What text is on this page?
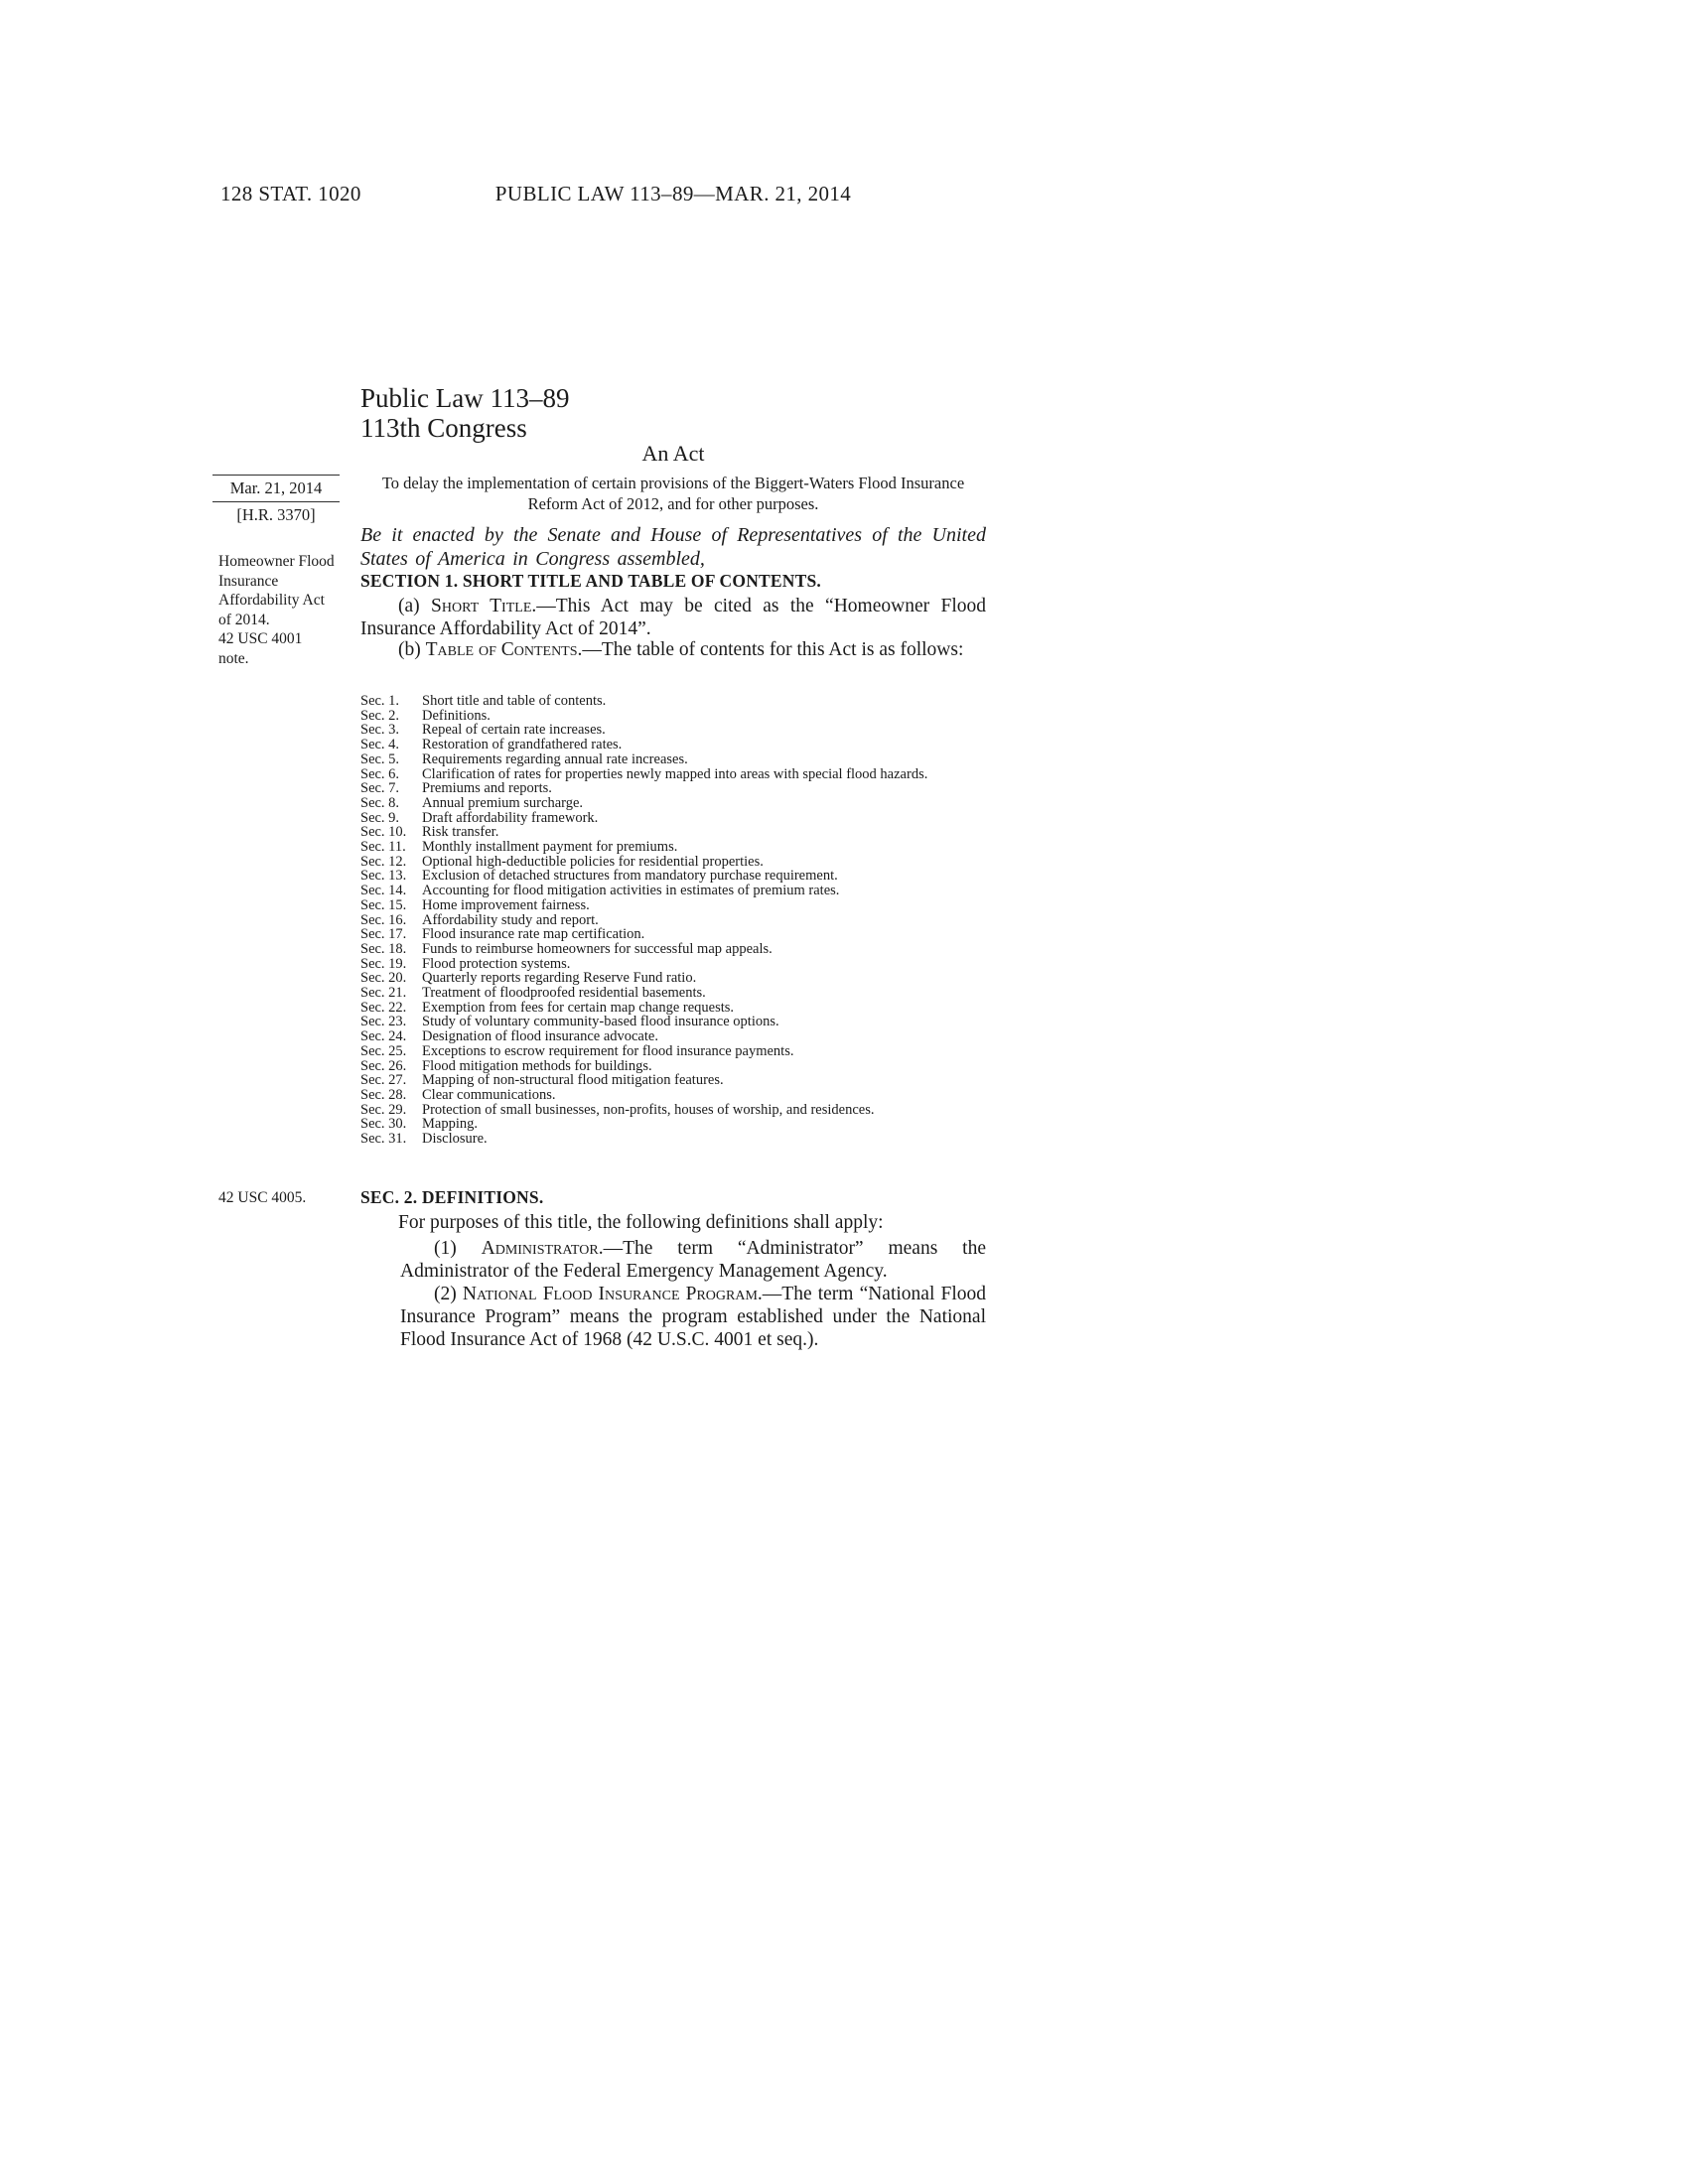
128 STAT. 1020	PUBLIC LAW 113–89—MAR. 21, 2014
Mar. 21, 2014
[H.R. 3370]
Homeowner Flood Insurance Affordability Act of 2014.
42 USC 4001 note.
42 USC 4005.
Public Law 113–89
113th Congress
An Act
To delay the implementation of certain provisions of the Biggert-Waters Flood Insurance Reform Act of 2012, and for other purposes.
Be it enacted by the Senate and House of Representatives of the United States of America in Congress assembled,
SECTION 1. SHORT TITLE AND TABLE OF CONTENTS.

(a) Short Title.—This Act may be cited as the “Homeowner Flood Insurance Affordability Act of 2014”.

(b) Table of Contents.—The table of contents for this Act is as follows:

Sec. 1. Short title and table of contents.
Sec. 2. Definitions.
Sec. 3. Repeal of certain rate increases.
Sec. 4. Restoration of grandfathered rates.
Sec. 5. Requirements regarding annual rate increases.
Sec. 6. Clarification of rates for properties newly mapped into areas with special flood hazards.
Sec. 7. Premiums and reports.
Sec. 8. Annual premium surcharge.
Sec. 9. Draft affordability framework.
Sec. 10. Risk transfer.
Sec. 11. Monthly installment payment for premiums.
Sec. 12. Optional high-deductible policies for residential properties.
Sec. 13. Exclusion of detached structures from mandatory purchase requirement.
Sec. 14. Accounting for flood mitigation activities in estimates of premium rates.
Sec. 15. Home improvement fairness.
Sec. 16. Affordability study and report.
Sec. 17. Flood insurance rate map certification.
Sec. 18. Funds to reimburse homeowners for successful map appeals.
Sec. 19. Flood protection systems.
Sec. 20. Quarterly reports regarding Reserve Fund ratio.
Sec. 21. Treatment of floodproofed residential basements.
Sec. 22. Exemption from fees for certain map change requests.
Sec. 23. Study of voluntary community-based flood insurance options.
Sec. 24. Designation of flood insurance advocate.
Sec. 25. Exceptions to escrow requirement for flood insurance payments.
Sec. 26. Flood mitigation methods for buildings.
Sec. 27. Mapping of non-structural flood mitigation features.
Sec. 28. Clear communications.
Sec. 29. Protection of small businesses, non-profits, houses of worship, and residences.
Sec. 30. Mapping.
Sec. 31. Disclosure.
SEC. 2. DEFINITIONS.

For purposes of this title, the following definitions shall apply:

(1) Administrator.—The term “Administrator” means the Administrator of the Federal Emergency Management Agency.

(2) National Flood Insurance Program.—The term “National Flood Insurance Program” means the program established under the National Flood Insurance Act of 1968 (42 U.S.C. 4001 et seq.).
